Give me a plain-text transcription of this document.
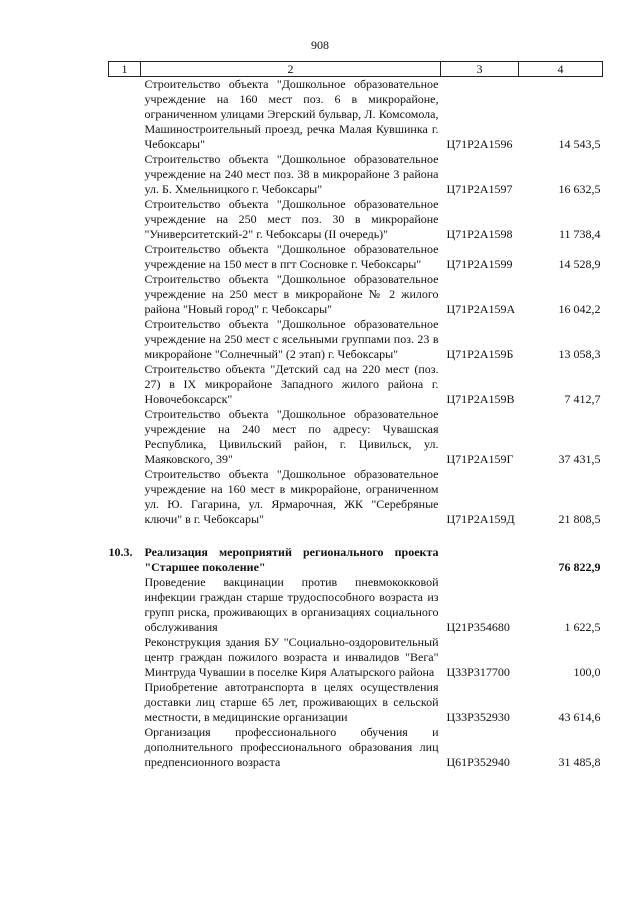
908
1	2	3	4
	Строительство объекта "Дошкольное образовательное учреждение на 160 мест поз. 6 в микрорайоне, ограниченном улицами Эгерский бульвар, Л. Комсомола, Машиностроительный проезд, речка Малая Кувшинка г. Чебоксары"	Ц71Р2А1596	14 543,5
	Строительство объекта "Дошкольное образовательное учреждение на 240 мест поз. 38 в микрорайоне 3 района ул. Б. Хмельницкого г. Чебоксары"	Ц71Р2А1597	16 632,5
	Строительство объекта "Дошкольное образовательное учреждение на 250 мест поз. 30 в микрорайоне "Университетский-2" г. Чебоксары (II очередь)"	Ц71Р2А1598	11 738,4
	Строительство объекта "Дошкольное образовательное учреждение на 150 мест в пгт Сосновке г. Чебоксары"	Ц71Р2А1599	14 528,9
	Строительство объекта "Дошкольное образовательное учреждение на 250 мест в микрорайоне № 2 жилого района "Новый город" г. Чебоксары"	Ц71Р2А159А	16 042,2
	Строительство объекта "Дошкольное образовательное учреждение на 250 мест с ясельными группами поз. 23 в микрорайоне "Солнечный" (2 этап) г. Чебоксары"	Ц71Р2А159Б	13 058,3
	Строительство объекта "Детский сад на 220 мест (поз. 27) в IX микрорайоне Западного жилого района г. Новочебоксарск"	Ц71Р2А159В	7 412,7
	Строительство объекта "Дошкольное образовательное учреждение на 240 мест по адресу: Чувашская Республика, Цивильский район, г. Цивильск, ул. Маяковского, 39"	Ц71Р2А159Г	37 431,5
	Строительство объекта "Дошкольное образовательное учреждение на 160 мест в микрорайоне, ограниченном ул. Ю. Гагарина, ул. Ярмарочная, ЖК "Серебряные ключи" в г. Чебоксары"	Ц71Р2А159Д	21 808,5
10.3.	Реализация мероприятий регионального проекта "Старшее поколение"		76 822,9
	Проведение вакцинации против пневмококковой инфекции граждан старше трудоспособного возраста из групп риска, проживающих в организациях социального обслуживания	Ц21Р354680	1 622,5
	Реконструкция здания БУ "Социально-оздоровительный центр граждан пожилого возраста и инвалидов "Вега" Минтруда Чувашии в поселке Киря Алатырского района	Ц33Р317700	100,0
	Приобретение автотранспорта в целях осуществления доставки лиц старше 65 лет, проживающих в сельской местности, в медицинские организации	Ц33Р352930	43 614,6
	Организация профессионального обучения и дополнительного профессионального образования лиц предпенсионного возраста	Ц61Р352940	31 485,8
